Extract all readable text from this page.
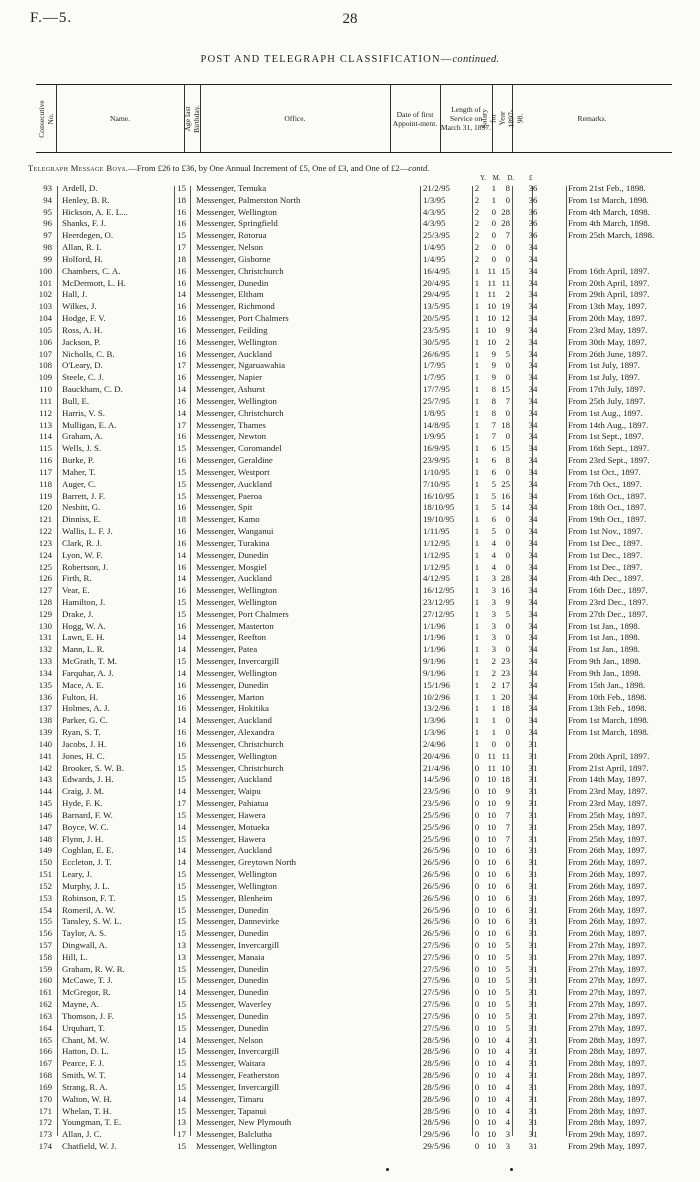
F.—5.	28
POST AND TELEGRAPH CLASSIFICATION—continued.
Consecutive No.	Name.	Age last Birthday.	Office.	Date of first Appoint-ment.
Length of Service on March 31, 1897.
Salary for Year 1897-98.	Remarks.
Telegraph Message Boys.—From £26 to £36, by One Annual Increment of £5, One of £3, and One of £2—contd.
Y. M. D. £
93 Ardell, D.	15 Messenger, Temuka	21/2/95	2	1	8	36	From 21st Feb., 1898.
94 Henley, B. R.	18 Messenger, Palmerston North	1/3/95	2	1	0	36	From 1st March, 1898.
95 Hickson, A. E. L...	16 Messenger, Wellington	4/3/95	2	0 28	36	From 4th March, 1898.
96 Shanks, F. J.	16 Messenger, Springfield	4/3/95	2	0 28	36	From 4th March, 1898.
97 Heerdegen, O.	15 Messenger, Rotorua	25/3/95	2	0	7	36	From 25th March, 1898.
98 Allan, R. I.	17 Messenger, Nelson	1/4/95	2	0	0	34
99 Holford, H.	18 Messenger, Gisborne	1/4/95	2	0	0	34
100 Chambers, C. A.	16 Messenger, Christchurch	16/4/95	1 11 15	34	From 16th April, 1897.
101 McDermott, L. H.	16 Messenger, Dunedin	20/4/95	1 11 11	34	From 20th April, 1897.
102 Hall, J.	14 Messenger, Eltham	29/4/95	1 11	2	34	From 29th April, 1897.
103 Wilkes, J.	16 Messenger, Richmond	13/5/95	1 10 19	34	From 13th May, 1897.
104 Hodge, F. V.	16 Messenger, Port Chalmers	20/5/95	1 10 12	34	From 20th May, 1897.
105 Ross, A. H.	16 Messenger, Feilding	23/5/95	1 10	9	34	From 23rd May, 1897.
106 Jackson, P.	16 Messenger, Wellington	30/5/95	1 10	2	34	From 30th May, 1897.
107 Nicholls, C. B.	16 Messenger, Auckland	26/6/95	1	9	5	34	From 26th June, 1897.
108 O'Leary, D.	17 Messenger, Ngaruawahia	1/7/95	1	9	0	34	From 1st July, 1897.
109 Steele, C. J.	16 Messenger, Napier	1/7/95	1	9	0	34	From 1st July, 1897.
110 Bauckham, C. D.	14 Messenger, Ashurst	17/7/95	1	8 15	34	From 17th July, 1897.
111 Bull, E.	16 Messenger, Wellington	25/7/95	1	8	7	34	From 25th July, 1897.
112 Harris, V. S.	14 Messenger, Christchurch	1/8/95	1	8	0	34	From 1st Aug., 1897.
113 Mulligan, E. A.	17 Messenger, Thames	14/8/95	1	7 18	34	From 14th Aug., 1897.
114 Graham, A.	16 Messenger, Newton	1/9/95	1	7	0	34	From 1st Sept., 1897.
115 Wells, J. S.	15 Messenger, Coromandel	16/9/95	1	6 15	34	From 16th Sept., 1897.
116 Burke, P.	16 Messenger, Geraldine	23/9/95	1	6	8	34	From 23rd Sept., 1897.
117 Maher, T.	15 Messenger, Westport	1/10/95	1	6	0	34	From 1st Oct., 1897.
118 Auger, C.	15 Messenger, Auckland	7/10/95	1	5 25	34	From 7th Oct., 1897.
119 Barrett, J. F.	15 Messenger, Paeroa	16/10/95	1	5 16	34	From 16th Oct., 1897.
120 Nesbitt, G.	16 Messenger, Spit	18/10/95	1	5 14	34	From 18th Oct., 1897.
121 Dinniss, E.	18 Messenger, Kamo	19/10/95	1	6	0	34	From 19th Oct., 1897.
122 Wallis, L. F. J.	16 Messenger, Wanganui	1/11/95	1	5	0	34	From 1st Nov., 1897.
123 Clark, R. J.	16 Messenger, Turakina	1/12/95	1	4	0	34	From 1st Dec., 1897.
124 Lyon, W. F.	14 Messenger, Dunedin	1/12/95	1	4	0	34	From 1st Dec., 1897.
125 Robertson, J.	16 Messenger, Mosgiel	1/12/95	1	4	0	34	From 1st Dec., 1897.
126 Firth, R.	14 Messenger, Auckland	4/12/95	1	3 28	34	From 4th Dec., 1897.
127 Vear, E.	16 Messenger, Wellington	16/12/95	1	3 16	34	From 16th Dec., 1897.
128 Hamilton, J.	15 Messenger, Wellington	23/12/95	1	3	9	34	From 23rd Dec., 1897.
129 Drake, J.	15 Messenger, Port Chalmers	27/12/95	1	3	5	34	From 27th Dec., 1897.
130 Hogg, W. A.	16 Messenger, Masterton	1/1/96	1	3	0	34	From 1st Jan., 1898.
131 Lawn, E. H.	14 Messenger, Reefton	1/1/96	1	3	0	34	From 1st Jan., 1898.
132 Mann, L. R.	14 Messenger, Patea	1/1/96	1	3	0	34	From 1st Jan., 1898.
133 McGrath, T. M.	15 Messenger, Invercargill	9/1/96	1	2 23	34	From 9th Jan., 1898.
134 Farquhar, A. J.	14 Messenger, Wellington	9/1/96	1	2 23	34	From 9th Jan., 1898.
135 Mace, A. E.	16 Messenger, Dunedin	15/1/96	1	2 17	34	From 15th Jan., 1898.
136 Fulton, H.	16 Messenger, Marton	10/2/96	1	1 20	34	From 10th Feb., 1898.
137 Holmes, A. J.	16 Messenger, Hokitika	13/2/96	1	1 18	34	From 13th Feb., 1898.
138 Parker, G. C.	14 Messenger, Auckland	1/3/96	1	1	0	34	From 1st March, 1898.
139 Ryan, S. T.	16 Messenger, Alexandra	1/3/96	1	1	0	34	From 1st March, 1898.
140 Jacobs, J. H.	16 Messenger, Christchurch	2/4/96	1	0	0	31
141 Jones, H. C.	15 Messenger, Wellington	20/4/96	0 11 11	31	From 20th April, 1897.
142 Brooker, S. W. B.	15 Messenger, Christchurch	21/4/96	0 11 10	31	From 21st April, 1897.
143 Edwards, J. H.	15 Messenger, Auckland	14/5/96	0 10 18	31	From 14th May, 1897.
144 Craig, J. M.	14 Messenger, Waipu	23/5/96	0 10	9	31	From 23rd May, 1897.
145 Hyde, F. K.	17 Messenger, Pahiatua	23/5/96	0 10	9	31	From 23rd May, 1897.
146 Barnard, F. W.	15 Messenger, Hawera	25/5/96	0 10	7	31	From 25th May, 1897.
147 Boyce, W. C.	14 Messenger, Motueka	25/5/96	0 10	7	31	From 25th May, 1897.
148 Flynn, J. H.	15 Messenger, Hawera	25/5/96	0 10	7	31	From 25th May, 1897.
149 Coghlan, E. E.	14 Messenger, Auckland	26/5/96	0 10	6	31	From 26th May, 1897.
150 Eccleton, J. T.	14 Messenger, Greytown North	26/5/96	0 10	6	31	From 26th May, 1897.
151 Leary, J.	15 Messenger, Wellington	26/5/96	0 10	6	31	From 26th May, 1897.
152 Murphy, J. L.	15 Messenger, Wellington	26/5/96	0 10	6	31	From 26th May, 1897.
153 Robinson, F. T.	15 Messenger, Blenheim	26/5/96	0 10	6	31	From 26th May, 1897.
154 Romeril, A. W.	15 Messenger, Dunedin	26/5/96	0 10	6	31	From 26th May, 1897.
155 Tansley, S. W. L.	15 Messenger, Dannevirke	26/5/96	0 10	6	31	From 26th May, 1897.
156 Taylor, A. S.	15 Messenger, Dunedin	26/5/96	0 10	6	31	From 26th May, 1897.
157 Dingwall, A.	13 Messenger, Invercargill	27/5/96	0 10	5	31	From 27th May, 1897.
158 Hill, L.	13 Messenger, Manaia	27/5/96	0 10	5	31	From 27th May, 1897.
159 Graham, R. W. R.	15 Messenger, Dunedin	27/5/96	0 10	5	31	From 27th May, 1897.
160 McCawe, T. J.	15 Messenger, Dunedin	27/5/96	0 10	5	31	From 27th May, 1897.
161 McGregor, R.	14 Messenger, Dunedin	27/5/96	0 10	5	31	From 27th May, 1897.
162 Mayne, A.	15 Messenger, Waverley	27/5/96	0 10	5	31	From 27th May, 1897.
163 Thomson, J. F.	15 Messenger, Dunedin	27/5/96	0 10	5	31	From 27th May, 1897.
164 Urquhart, T.	15 Messenger, Dunedin	27/5/96	0 10	5	31	From 27th May, 1897.
165 Chant, M. W.	14 Messenger, Nelson	28/5/96	0 10	4	31	From 28th May, 1897.
166 Hatton, D. L.	15 Messenger, Invercargill	28/5/96	0 10	4	31	From 28th May, 1897.
167 Pearce, F. J.	15 Messenger, Waitara	28/5/96	0 10	4	31	From 28th May, 1897.
168 Smith, W. T.	14 Messenger, Featherston	28/5/96	0 10	4	31	From 28th May, 1897.
169 Strang, R. A.	15 Messenger, Invercargill	28/5/96	0 10	4	31	From 28th May, 1897.
170 Walton, W. H.	14 Messenger, Timaru	28/5/96	0 10	4	31	From 28th May, 1897.
171 Whelan, T. H.	15 Messenger, Tapanui	28/5/96	0 10	4	31	From 28th May, 1897.
172 Youngman, T. E.	13 Messenger, New Plymouth	28/5/96	0 10	4	31	From 28th May, 1897.
173 Allan, J. C.	17 Messenger, Balclutha	29/5/96	0 10	3	31	From 29th May, 1897.
174 Chatfield, W. J.	15 Messenger, Wellington	29/5/96	0 10	3	31	From 29th May, 1897.
